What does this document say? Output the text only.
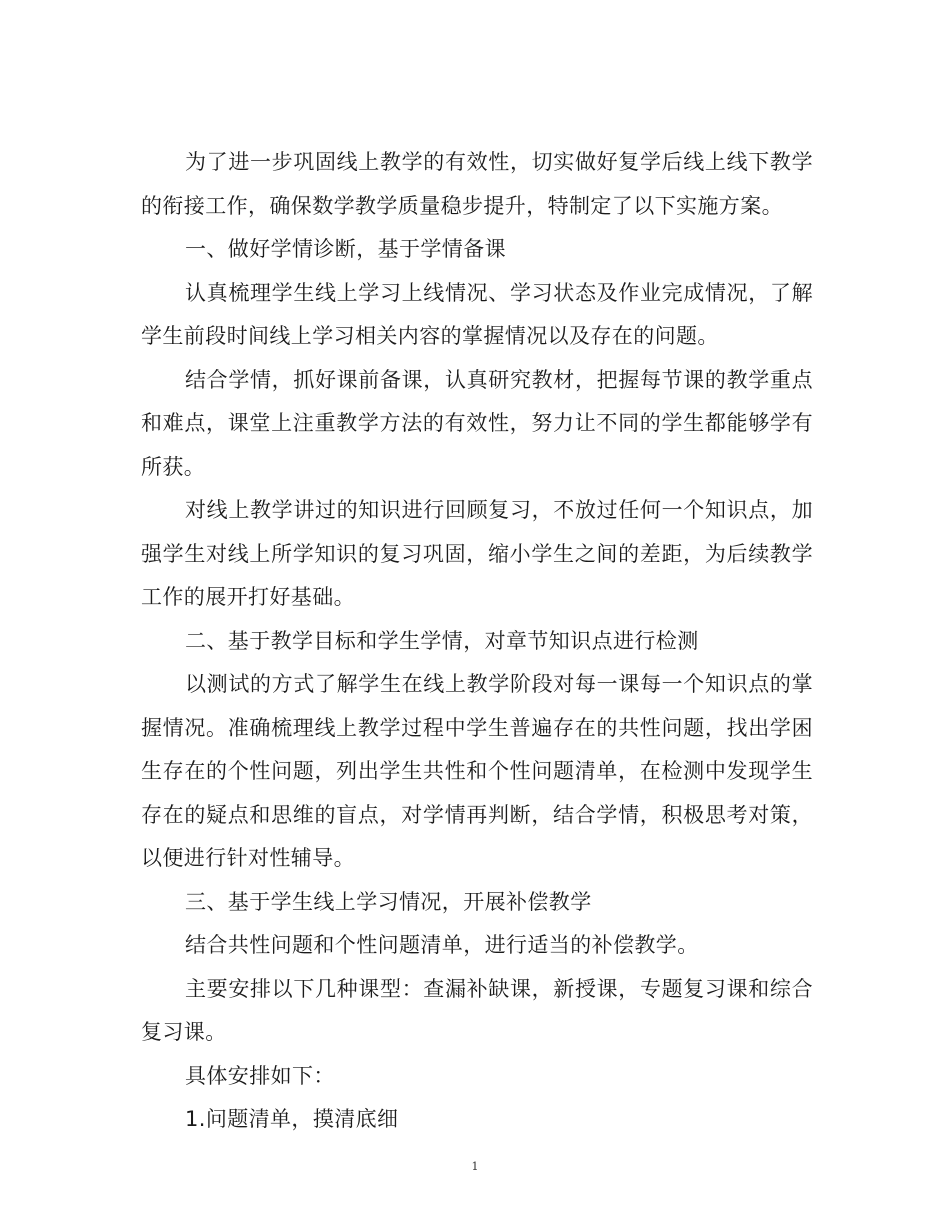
为了进一步巩固线上教学的有效性，切实做好复学后线上线下教学的衔接工作，确保数学教学质量稳步提升，特制定了以下实施方案。

一、做好学情诊断，基于学情备课

认真梳理学生线上学习上线情况、学习状态及作业完成情况，了解学生前段时间线上学习相关内容的掌握情况以及存在的问题。

结合学情，抓好课前备课，认真研究教材，把握每节课的教学重点和难点，课堂上注重教学方法的有效性，努力让不同的学生都能够学有所获。

对线上教学讲过的知识进行回顾复习，不放过任何一个知识点，加强学生对线上所学知识的复习巩固，缩小学生之间的差距，为后续教学工作的展开打好基础。

二、基于教学目标和学生学情，对章节知识点进行检测

以测试的方式了解学生在线上教学阶段对每一课每一个知识点的掌握情况。准确梳理线上教学过程中学生普遍存在的共性问题，找出学困生存在的个性问题，列出学生共性和个性问题清单，在检测中发现学生存在的疑点和思维的盲点，对学情再判断，结合学情，积极思考对策，以便进行针对性辅导。

三、基于学生线上学习情况，开展补偿教学

结合共性问题和个性问题清单，进行适当的补偿教学。

主要安排以下几种课型：查漏补缺课，新授课，专题复习课和综合复习课。

具体安排如下：

1.问题清单，摸清底细

1
